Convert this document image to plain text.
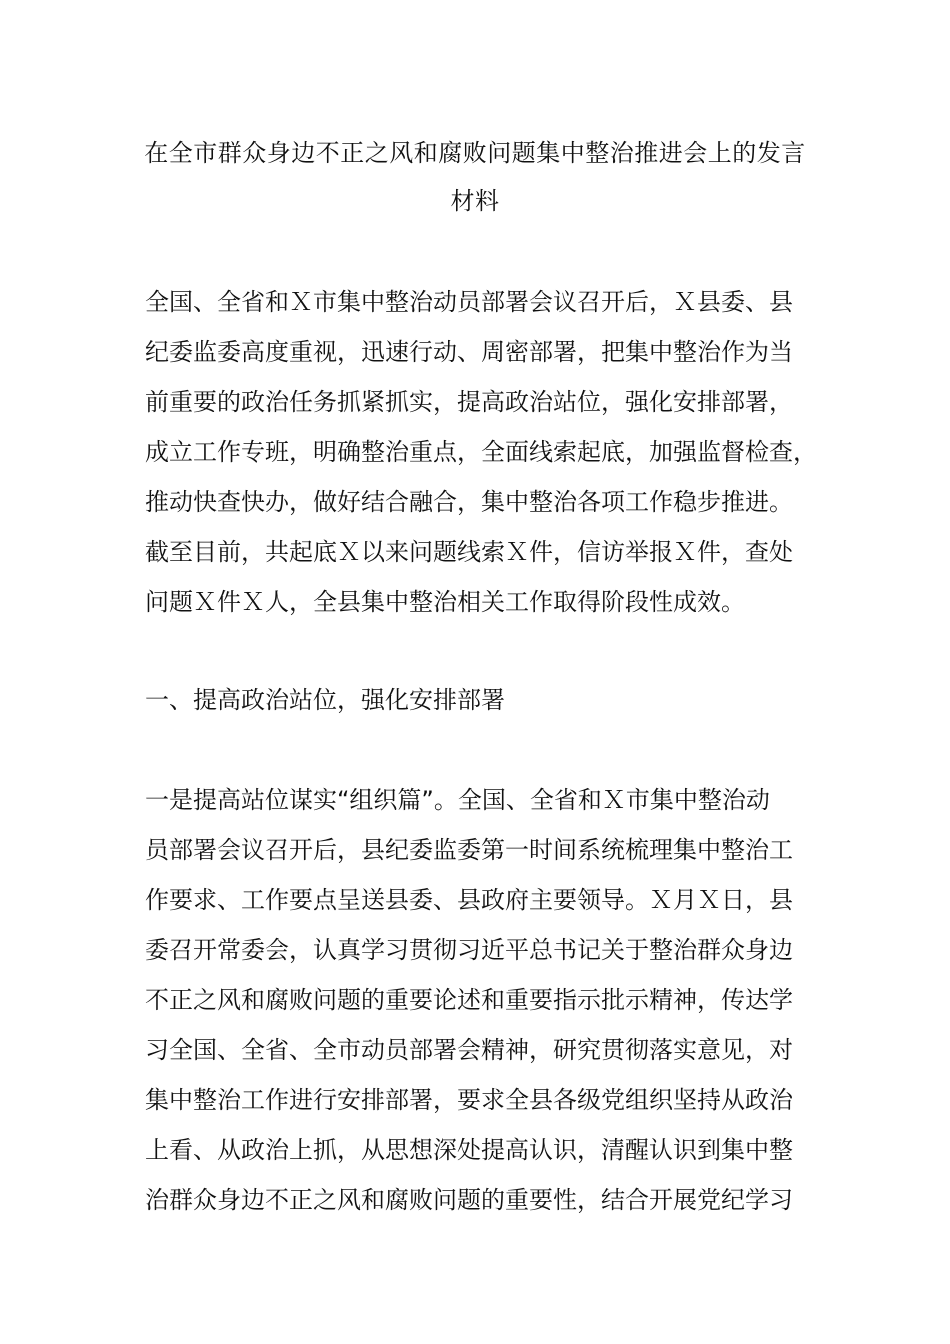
在全市群众身边不正之风和腐败问题集中整治推进会上的发言
材料
全国、全省和Ｘ市集中整治动员部署会议召开后，Ｘ县委、县
纪委监委高度重视，迅速行动、周密部署，把集中整治作为当
前重要的政治任务抓紧抓实，提高政治站位，强化安排部署，
成立工作专班，明确整治重点，全面线索起底，加强监督检查，
推动快查快办，做好结合融合，集中整治各项工作稳步推进。
截至目前，共起底Ｘ以来问题线索Ｘ件，信访举报Ｘ件，查处
问题Ｘ件Ｘ人，全县集中整治相关工作取得阶段性成效。
一、提高政治站位，强化安排部署
一是提高站位谋实“组织篇”。全国、全省和Ｘ市集中整治动
员部署会议召开后，县纪委监委第一时间系统梳理集中整治工
作要求、工作要点呈送县委、县政府主要领导。Ｘ月Ｘ日，县
委召开常委会，认真学习贯彻习近平总书记关于整治群众身边
不正之风和腐败问题的重要论述和重要指示批示精神，传达学
习全国、全省、全市动员部署会精神，研究贯彻落实意见，对
集中整治工作进行安排部署，要求全县各级党组织坚持从政治
上看、从政治上抓，从思想深处提高认识，清醒认识到集中整
治群众身边不正之风和腐败问题的重要性，结合开展党纪学习
